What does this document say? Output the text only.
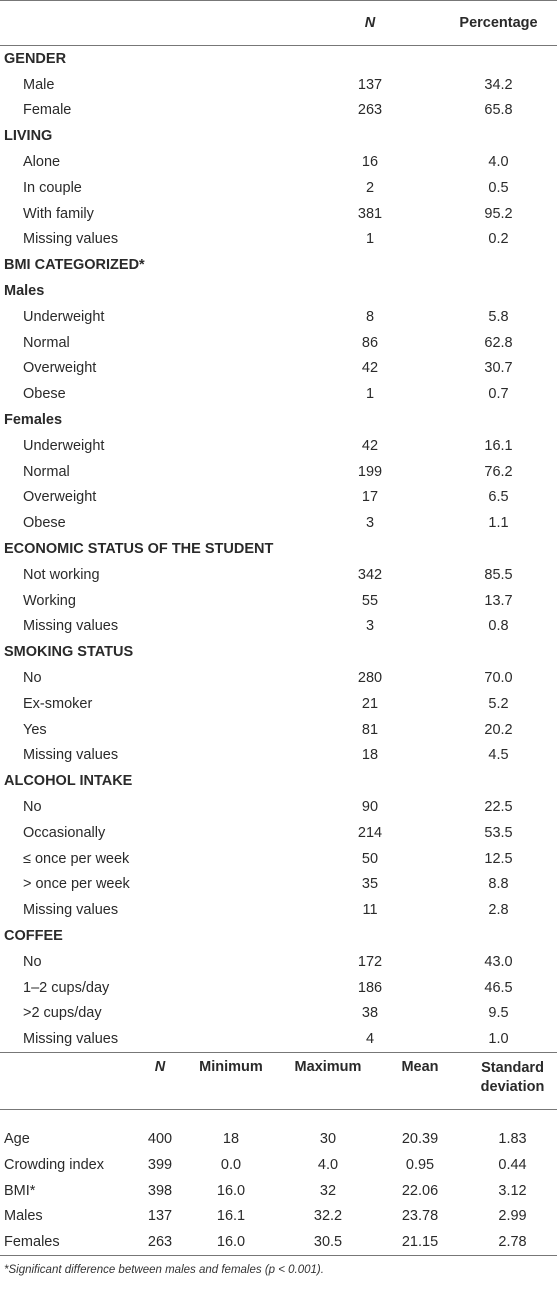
	N	Percentage
GENDER		
Male	137	34.2
Female	263	65.8
LIVING		
Alone	16	4.0
In couple	2	0.5
With family	381	95.2
Missing values	1	0.2
BMI CATEGORIZED*		
Males		
Underweight	8	5.8
Normal	86	62.8
Overweight	42	30.7
Obese	1	0.7
Females		
Underweight	42	16.1
Normal	199	76.2
Overweight	17	6.5
Obese	3	1.1
ECONOMIC STATUS OF THE STUDENT		
Not working	342	85.5
Working	55	13.7
Missing values	3	0.8
SMOKING STATUS		
No	280	70.0
Ex-smoker	21	5.2
Yes	81	20.2
Missing values	18	4.5
ALCOHOL INTAKE		
No	90	22.5
Occasionally	214	53.5
≤ once per week	50	12.5
> once per week	35	8.8
Missing values	11	2.8
COFFEE		
No	172	43.0
1–2 cups/day	186	46.5
>2 cups/day	38	9.5
Missing values	4	1.0
	N	Minimum	Maximum	Mean	Standard deviation
Age	400	18	30	20.39	1.83
Crowding index	399	0.0	4.0	0.95	0.44
BMI*	398	16.0	32	22.06	3.12
Males	137	16.1	32.2	23.78	2.99
Females	263	16.0	30.5	21.15	2.78
*Significant difference between males and females (p < 0.001).
